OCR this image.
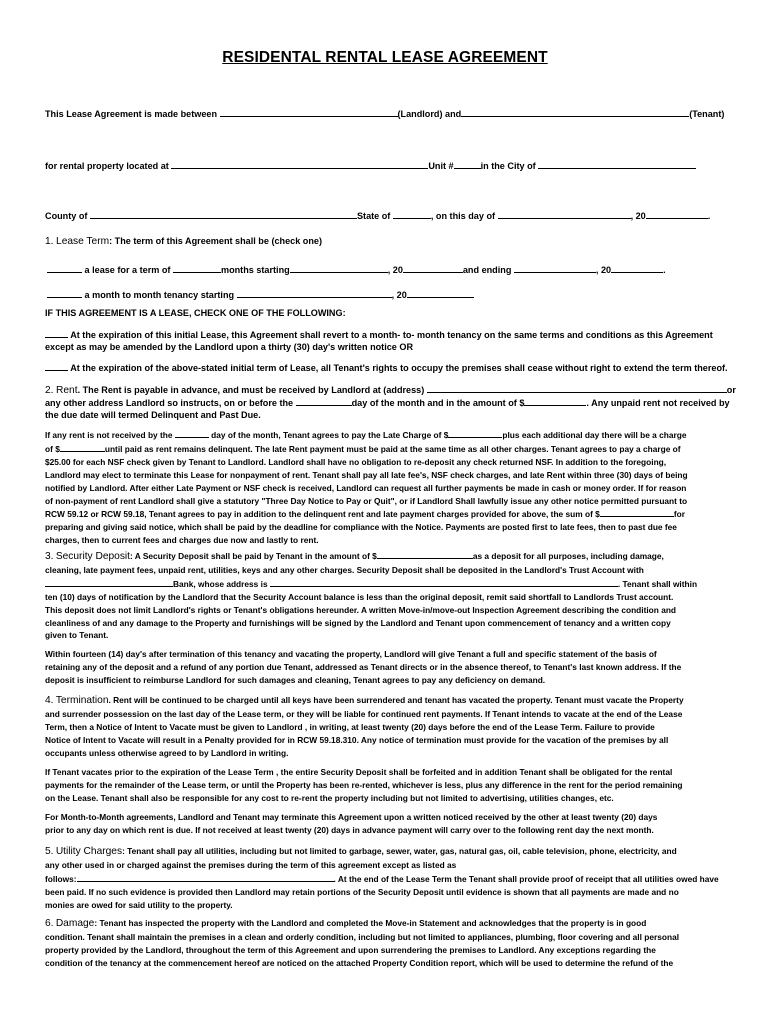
RESIDENTAL RENTAL LEASE AGREEMENT
This Lease Agreement is made between	(Landlord) and	(Tenant)
for rental property located at	Unit #	in the City of
County of	State of	, on this day of	, 20	.
1. Lease Term: The term of this Agreement shall be (check one)
a lease for a term of	months starting	, 20	and ending	, 20	.
a month to month tenancy starting	, 20
IF THIS AGREEMENT IS A LEASE, CHECK ONE OF THE FOLLOWING:
At the expiration of this initial Lease, this Agreement shall revert to a month- to- month tenancy on the same terms and conditions as this Agreement
except as may be amended by the Landlord upon a thirty (30) day's written notice OR
At the expiration of the above-stated initial term of Lease, all Tenant's rights to occupy the premises shall cease without right to extend the term thereof.
2. Rent. The Rent is payable in advance, and must be received by Landlord at (address)	or
any other address Landlord so instructs, on or before the	day of the month and in the amount of $	. Any unpaid rent not received by
the due date will termed Delinquent and Past Due.
If any rent is not received by the	day of the month, Tenant agrees to pay the Late Charge of $	plus each additional day there will be a charge
of $	until paid as rent remains delinquent. The late Rent payment must be paid at the same time as all other charges. Tenant agrees to pay a charge of
$25.00 for each NSF check given by Tenant to Landlord. Landlord shall have no obligation to re-deposit any check returned NSF. In addition to the foregoing,
Landlord may elect to terminate this Lease for nonpayment of rent. Tenant shall pay all late fee's, NSF check charges, and late Rent within three (30) days of being
notified by Landlord. After either Late Payment or NSF check is received, Landlord can request all further payments be made in cash or money order. If for reason
of non-payment of rent Landlord shall give a statutory "Three Day Notice to Pay or Quit", or if Landlord Shall lawfully issue any other notice permitted pursuant to
RCW 59.12 or RCW 59.18, Tenant agrees to pay in addition to the delinquent rent and late payment charges provided for above, the sum of $	for
preparing and giving said notice, which shall be paid by the deadline for compliance with the Notice. Payments are posted first to late fees, then to past due fee
charges, then to current fees and charges due now and lastly to rent.
3. Security Deposit: A Security Deposit shall be paid by Tenant in the amount of $	as a deposit for all purposes, including damage,
cleaning, late payment fees, unpaid rent, utilities, keys and any other charges. Security Deposit shall be deposited in the Landlord's Trust Account with
Bank, whose address is	. Tenant shall within
ten (10) days of notification by the Landlord that the Security Account balance is less than the original deposit, remit said shortfall to Landlords Trust account.
This deposit does not limit Landlord's rights or Tenant's obligations hereunder. A written Move-in/move-out Inspection Agreement describing the condition and
cleanliness of and any damage to the Property and furnishings will be signed by the Landlord and Tenant upon commencement of tenancy and a written copy
given to Tenant.
Within fourteen (14) day's after termination of this tenancy and vacating the property, Landlord will give Tenant a full and specific statement of the basis of
retaining any of the deposit and a refund of any portion due Tenant, addressed as Tenant directs or in the absence thereof, to Tenant's last known address. If the
deposit is insufficient to reimburse Landlord for such damages and cleaning, Tenant agrees to pay any deficiency on demand.
4. Termination. Rent will be continued to be charged until all keys have been surrendered and tenant has vacated the property. Tenant must vacate the Property
and surrender possession on the last day of the Lease term, or they will be liable for continued rent payments. If Tenant intends to vacate at the end of the Lease
Term, then a Notice of Intent to Vacate must be given to Landlord , in writing, at least twenty (20) days before the end of the Lease Term. Failure to provide
Notice of Intent to Vacate will result in a Penalty provided for in RCW 59.18.310. Any notice of termination must provide for the vacation of the premises by all
occupants unless otherwise agreed to by Landlord in writing.
If Tenant vacates prior to the expiration of the Lease Term , the entire Security Deposit shall be forfeited and in addition Tenant shall be obligated for the rental
payments for the remainder of the Lease term, or until the Property has been re-rented, whichever is less, plus any difference in the rent for the period remaining
on the Lease. Tenant shall also be responsible for any cost to re-rent the property including but not limited to advertising, utilities changes, etc.
For Month-to-Month agreements, Landlord and Tenant may terminate this Agreement upon a written noticed received by the other at least twenty (20) days
prior to any day on which rent is due. If not received at least twenty (20) days in advance payment will carry over to the following rent day the next month.
5. Utility Charges: Tenant shall pay all utilities, including but not limited to garbage, sewer, water, gas, natural gas, oil, cable television, phone, electricity, and
any other used in or charged against the premises during the term of this agreement except as listed as
follows:	. At the end of the Lease Term the Tenant shall provide proof of receipt that all utilities owed have
been paid. If no such evidence is provided then Landlord may retain portions of the Security Deposit until evidence is shown that all payments are made and no
monies are owed for said utility to the property.
6. Damage: Tenant has inspected the property with the Landlord and completed the Move-in Statement and acknowledges that the property is in good
condition. Tenant shall maintain the premises in a clean and orderly condition, including but not limited to appliances, plumbing, floor covering and all personal
property provided by the Landlord, throughout the term of this Agreement and upon surrendering the premises to Landlord. Any exceptions regarding the
condition of the tenancy at the commencement hereof are noticed on the attached Property Condition report, which will be used to determine the refund of the
